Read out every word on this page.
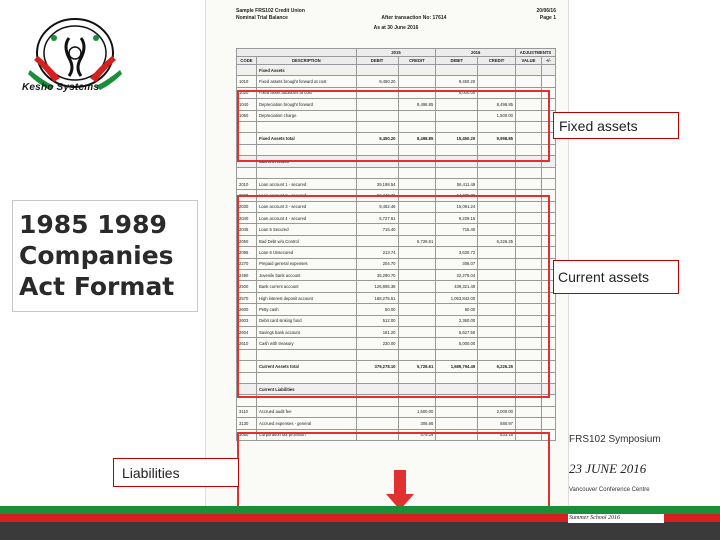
Kesho Systems
1985 1989
Companies
Act Format
Sample FRS102 Credit Union	20/06/16
Nominal Trial Balance	After transaction No: 17614	Page 1
As at 30 June 2016
		2015		2016		ADJUSTMENTS	
CODE	DESCRIPTION	DEBIT	CREDIT	DEBIT	CREDIT	VALUE	+/-
	Fixed Assets						
1010	Fixed assets brought forward at cost	9,450.20		9,450.20			
1020	Fixed asset additions at cost			6,000.00			
1040	Depreciation brought forward		8,498.85		8,498.85		
1050	Depreciation charge				1,500.00		

	Fixed Assets total	9,450.20	8,498.85	15,450.20	9,998.85		

	Current Assets						

2010	Loan account 1 - secured	39,198.54		56,411.49			
2020	Loan account 2 - secured	52,446.76		64,989.79			
2030	Loan account 3 - secured	9,462.46		15,091.24			
2040	Loan account 4 - secured	5,727.61		9,229.15			
2045	Loan 5 Secured	715.40		715.40			
2050	Bad Debt w/o Control		5,728.61		6,226.25		
2095	Loan 6 Unsecured	213.74		3,630.72			
2270	Prepaid general expenses	204.70		306.07			
2490	Juvenile bank account	35,290.70		32,276.04			
2500	Bank current account	126,895.38		439,321.49			
2570	High interest deposit account	168,275.51		1,053,842.00			
2600	Petty cash	50.00		60.00			
2603	Debit card sinking fund	512.00		2,360.00			
2604	Savings bank account	181.20		5,627.50			
2610	Cash with treasury	230.00		5,000.00			

	Current Assets total	379,278.10	5,728.61	1,689,794.49	6,226.25		

	Current Liabilities						

3110	Accrued audit fee		1,500.00		2,000.00		
3130	Accrued expenses - general		306.66		580.97		
3050	Corporation tax provision		479.29		833.16		
Fixed assets
Current assets
Liabilities
FRS102 Symposium
23 JUNE 2016
Vancouver Conference Centre
Summer School 2016
